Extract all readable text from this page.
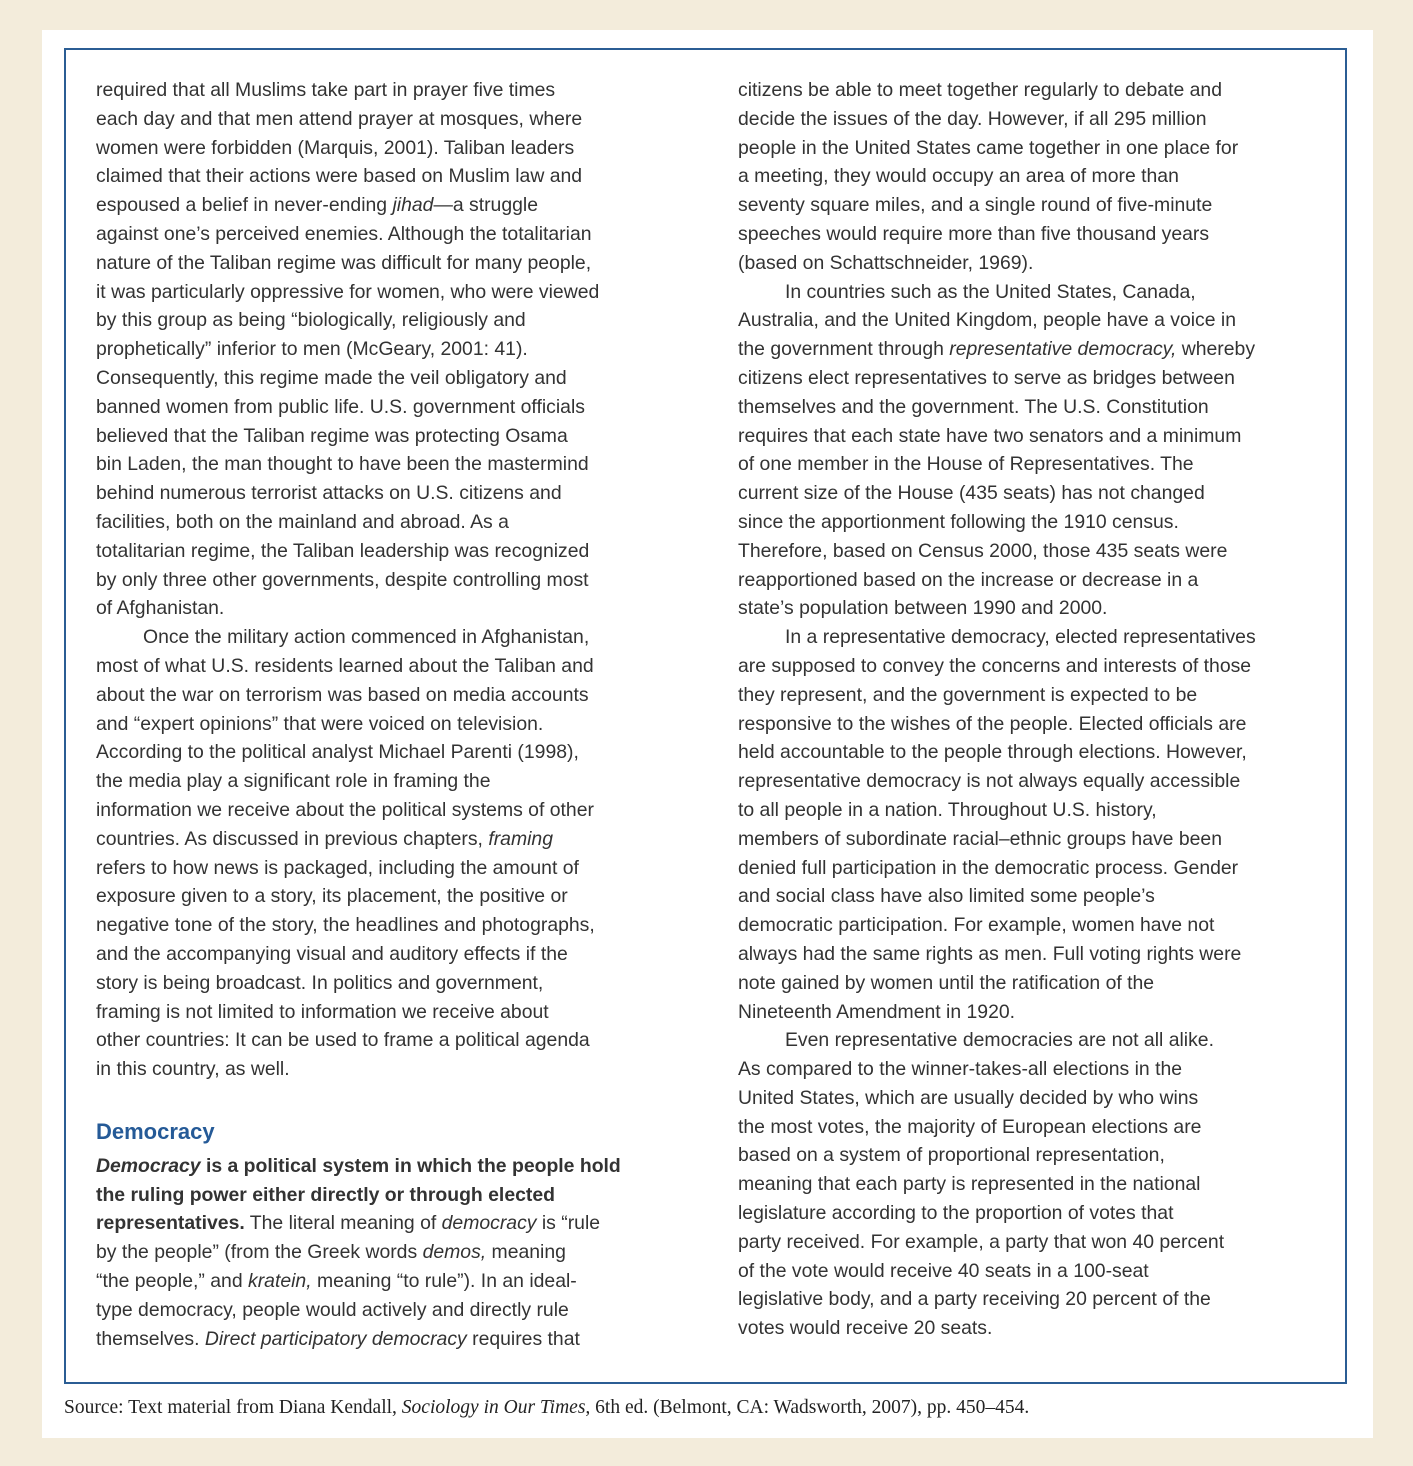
required that all Muslims take part in prayer five times
each day and that men attend prayer at mosques, where
women were forbidden (Marquis, 2001). Taliban leaders
claimed that their actions were based on Muslim law and
espoused a belief in never-ending jihad—a struggle
against one’s perceived enemies. Although the totalitarian
nature of the Taliban regime was difficult for many people,
it was particularly oppressive for women, who were viewed
by this group as being “biologically, religiously and
prophetically” inferior to men (McGeary, 2001: 41).
Consequently, this regime made the veil obligatory and
banned women from public life. U.S. government officials
believed that the Taliban regime was protecting Osama
bin Laden, the man thought to have been the mastermind
behind numerous terrorist attacks on U.S. citizens and
facilities, both on the mainland and abroad. As a
totalitarian regime, the Taliban leadership was recognized
by only three other governments, despite controlling most
of Afghanistan.
Once the military action commenced in Afghanistan,
most of what U.S. residents learned about the Taliban and
about the war on terrorism was based on media accounts
and “expert opinions” that were voiced on television.
According to the political analyst Michael Parenti (1998),
the media play a significant role in framing the
information we receive about the political systems of other
countries. As discussed in previous chapters, framing
refers to how news is packaged, including the amount of
exposure given to a story, its placement, the positive or
negative tone of the story, the headlines and photographs,
and the accompanying visual and auditory effects if the
story is being broadcast. In politics and government,
framing is not limited to information we receive about
other countries: It can be used to frame a political agenda
in this country, as well.
Democracy
Democracy is a political system in which the people hold
the ruling power either directly or through elected
representatives. The literal meaning of democracy is “rule
by the people” (from the Greek words demos, meaning
“the people,” and kratein, meaning “to rule”). In an ideal-
type democracy, people would actively and directly rule
themselves. Direct participatory democracy requires that
citizens be able to meet together regularly to debate and
decide the issues of the day. However, if all 295 million
people in the United States came together in one place for
a meeting, they would occupy an area of more than
seventy square miles, and a single round of five-minute
speeches would require more than five thousand years
(based on Schattschneider, 1969).
In countries such as the United States, Canada,
Australia, and the United Kingdom, people have a voice in
the government through representative democracy, whereby
citizens elect representatives to serve as bridges between
themselves and the government. The U.S. Constitution
requires that each state have two senators and a minimum
of one member in the House of Representatives. The
current size of the House (435 seats) has not changed
since the apportionment following the 1910 census.
Therefore, based on Census 2000, those 435 seats were
reapportioned based on the increase or decrease in a
state’s population between 1990 and 2000.
In a representative democracy, elected representatives
are supposed to convey the concerns and interests of those
they represent, and the government is expected to be
responsive to the wishes of the people. Elected officials are
held accountable to the people through elections. However,
representative democracy is not always equally accessible
to all people in a nation. Throughout U.S. history,
members of subordinate racial–ethnic groups have been
denied full participation in the democratic process. Gender
and social class have also limited some people’s
democratic participation. For example, women have not
always had the same rights as men. Full voting rights were
note gained by women until the ratification of the
Nineteenth Amendment in 1920.
Even representative democracies are not all alike.
As compared to the winner-takes-all elections in the
United States, which are usually decided by who wins
the most votes, the majority of European elections are
based on a system of proportional representation,
meaning that each party is represented in the national
legislature according to the proportion of votes that
party received. For example, a party that won 40 percent
of the vote would receive 40 seats in a 100-seat
legislative body, and a party receiving 20 percent of the
votes would receive 20 seats.
Source: Text material from Diana Kendall, Sociology in Our Times, 6th ed. (Belmont, CA: Wadsworth, 2007), pp. 450–454.
